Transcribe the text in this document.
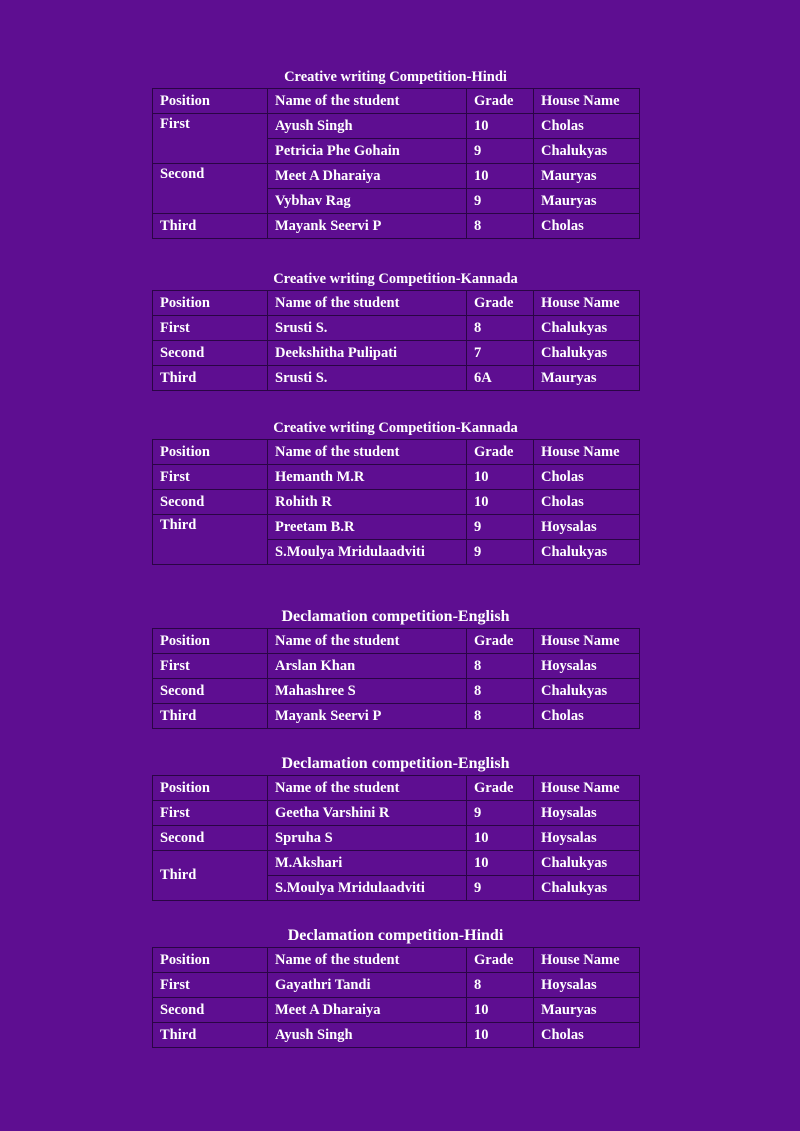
Creative writing Competition-Hindi
Position	Name of the student	Grade	House Name
First	Ayush Singh	10	Cholas
	Petricia Phe Gohain	9	Chalukyas
Second	Meet A Dharaiya	10	Mauryas
	Vybhav Rag	9	Mauryas
Third	Mayank Seervi P	8	Cholas
Creative writing Competition-Kannada
Position	Name of the student	Grade	House Name
First	Srusti S.	8	Chalukyas
Second	Deekshitha Pulipati	7	Chalukyas
Third	Srusti S.	6A	Mauryas
Creative writing Competition-Kannada
Position	Name of the student	Grade	House Name
First	Hemanth M.R	10	Cholas
Second	Rohith R	10	Cholas
Third	Preetam B.R	9	Hoysalas
	S.Moulya Mridulaadviti	9	Chalukyas
Declamation competition-English
Position	Name of the student	Grade	House Name
First	Arslan Khan	8	Hoysalas
Second	Mahashree S	8	Chalukyas
Third	Mayank Seervi P	8	Cholas
Declamation competition-English
Position	Name of the student	Grade	House Name
First	Geetha Varshini R	9	Hoysalas
Second	Spruha S	10	Hoysalas
Third	M.Akshari	10	Chalukyas
	S.Moulya Mridulaadviti	9	Chalukyas
Declamation competition-Hindi
Position	Name of the student	Grade	House Name
First	Gayathri Tandi	8	Hoysalas
Second	Meet A Dharaiya	10	Mauryas
Third	Ayush Singh	10	Cholas
